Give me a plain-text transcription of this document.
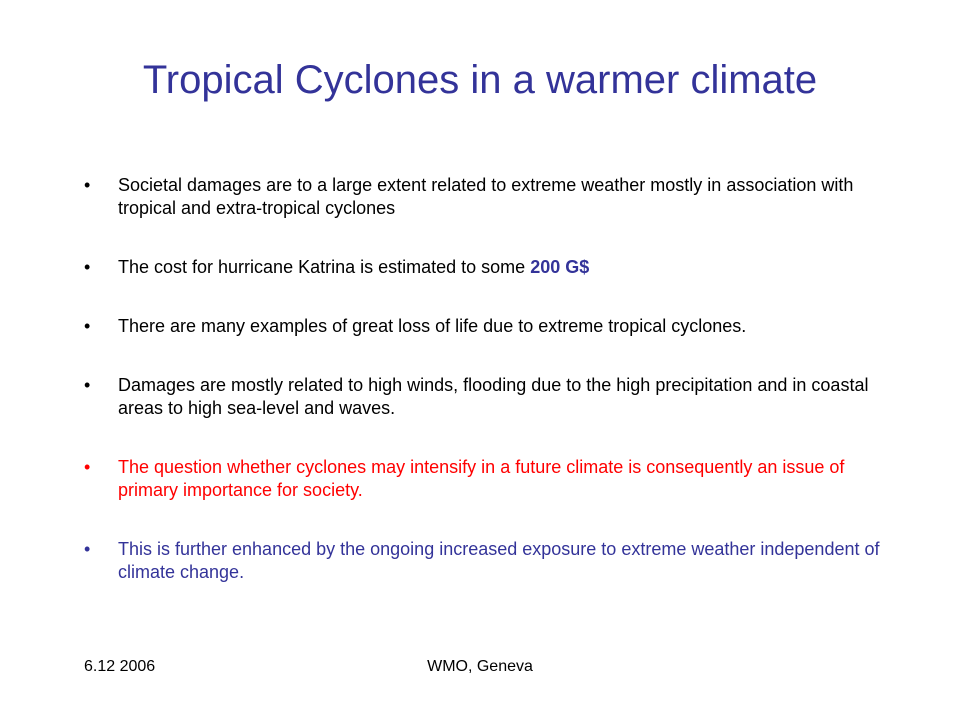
Tropical Cyclones in a warmer climate
• Societal damages are to a large extent related to extreme weather mostly in association with tropical and extra-tropical cyclones
• The cost for hurricane Katrina is estimated to some 200 G$
• There are many examples of great loss of life due to extreme tropical cyclones.
• Damages are mostly related to high winds, flooding due to the high precipitation and in coastal areas to high sea-level and waves.
• The question whether cyclones may intensify in a future climate is consequently an issue of primary importance for society.
• This is further enhanced by the ongoing increased exposure to extreme weather independent of climate change.
6.12 2006	WMO, Geneva
